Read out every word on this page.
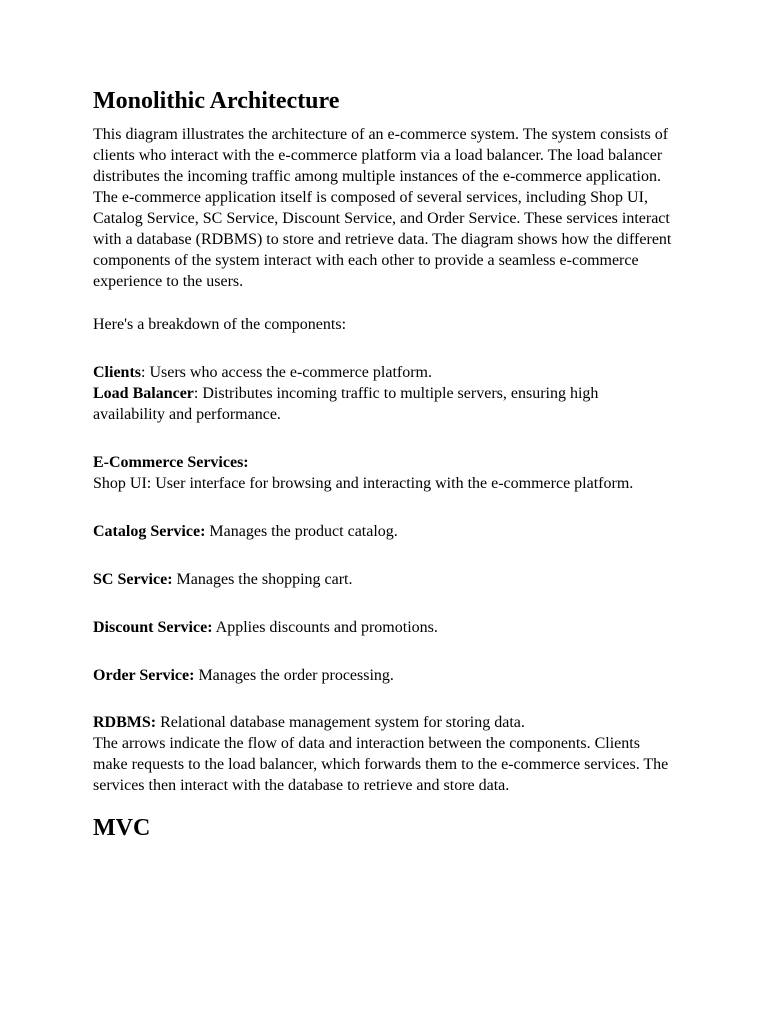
Monolithic Architecture

This diagram illustrates the architecture of an e-commerce system. The system consists of clients who interact with the e-commerce platform via a load balancer. The load balancer distributes the incoming traffic among multiple instances of the e-commerce application. The e-commerce application itself is composed of several services, including Shop UI, Catalog Service, SC Service, Discount Service, and Order Service. These services interact with a database (RDBMS) to store and retrieve data. The diagram shows how the different components of the system interact with each other to provide a seamless e-commerce experience to the users.

Here's a breakdown of the components:

Clients: Users who access the e-commerce platform.

Load Balancer: Distributes incoming traffic to multiple servers, ensuring high availability and performance.

E-Commerce Services:

Shop UI: User interface for browsing and interacting with the e-commerce platform.

Catalog Service: Manages the product catalog.

SC Service: Manages the shopping cart.

Discount Service: Applies discounts and promotions.

Order Service: Manages the order processing.

RDBMS: Relational database management system for storing data.

The arrows indicate the flow of data and interaction between the components. Clients make requests to the load balancer, which forwards them to the e-commerce services. The services then interact with the database to retrieve and store data.

MVC
